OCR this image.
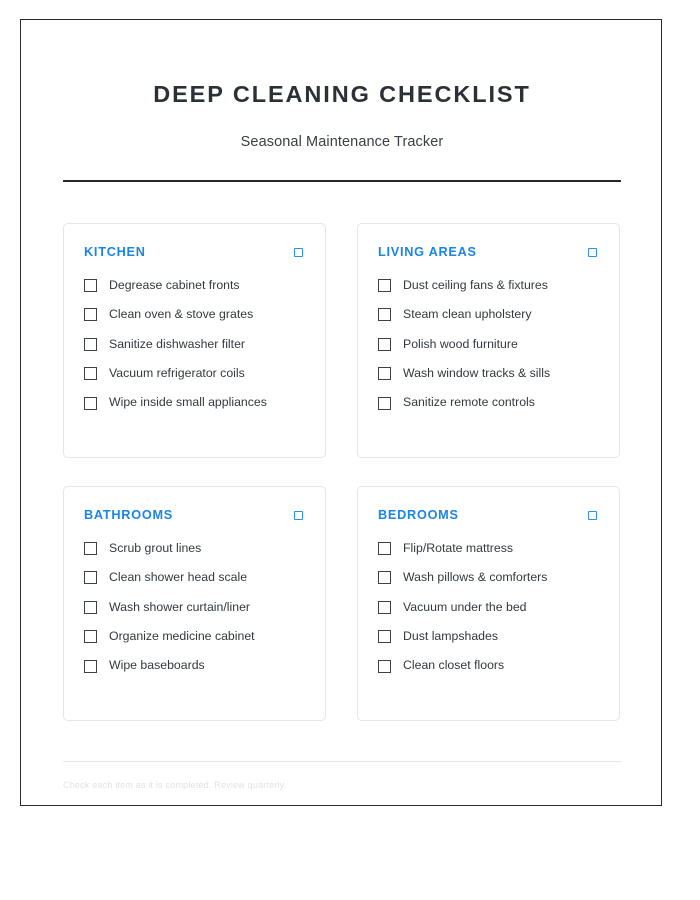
DEEP CLEANING CHECKLIST
Seasonal Maintenance Tracker
KITCHEN
Degrease cabinet fronts
Clean oven & stove grates
Sanitize dishwasher filter
Vacuum refrigerator coils
Wipe inside small appliances
LIVING AREAS
Dust ceiling fans & fixtures
Steam clean upholstery
Polish wood furniture
Wash window tracks & sills
Sanitize remote controls
BATHROOMS
Scrub grout lines
Clean shower head scale
Wash shower curtain/liner
Organize medicine cabinet
Wipe baseboards
BEDROOMS
Flip/Rotate mattress
Wash pillows & comforters
Vacuum under the bed
Dust lampshades
Clean closet floors
Check each item as it is completed. Review quarterly.
